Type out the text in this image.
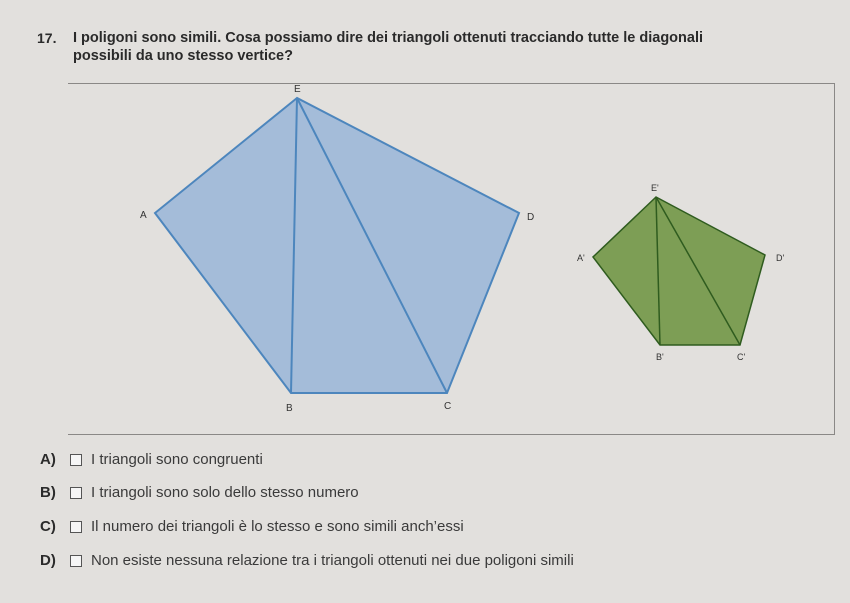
17. I poligoni sono simili. Cosa possiamo dire dei triangoli ottenuti tracciando tutte le diagonali
possibili da uno stesso vertice?
E
A	D
B	C
E'
A'	D'
B'	C'
A)	I triangoli sono congruenti
B)	I triangoli sono solo dello stesso numero
C)	Il numero dei triangoli è lo stesso e sono simili anch’essi
D)	Non esiste nessuna relazione tra i triangoli ottenuti nei due poligoni simili
